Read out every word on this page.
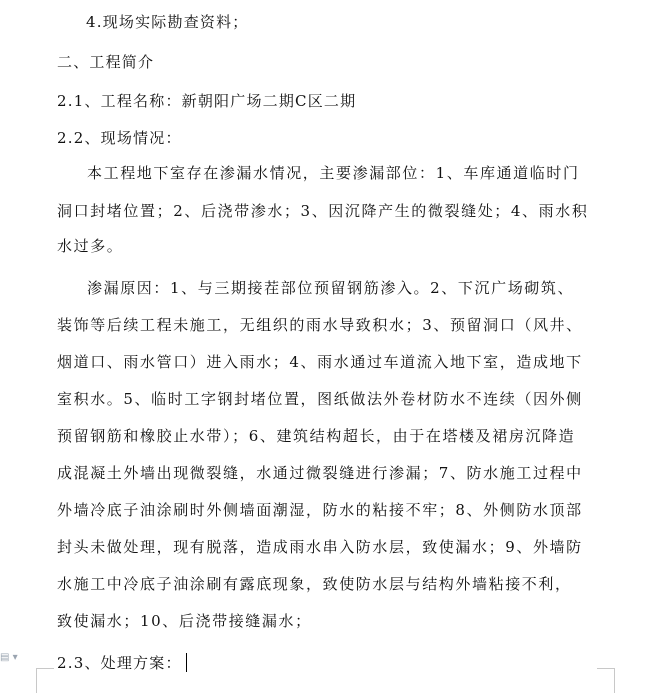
4.现场实际勘查资料；
二、工程简介
2.1、工程名称：新朝阳广场二期C区二期
2.2、现场情况：
本工程地下室存在渗漏水情况，主要渗漏部位：1、车库通道临时门
洞口封堵位置；2、后浇带渗水；3、因沉降产生的微裂缝处；4、雨水积
水过多。
渗漏原因：1、与三期接茬部位预留钢筋渗入。2、下沉广场砌筑、
装饰等后续工程未施工，无组织的雨水导致积水；3、预留洞口（风井、
烟道口、雨水管口）进入雨水；4、雨水通过车道流入地下室，造成地下
室积水。5、临时工字钢封堵位置，图纸做法外卷材防水不连续（因外侧
预留钢筋和橡胶止水带）；6、建筑结构超长，由于在塔楼及裙房沉降造
成混凝土外墙出现微裂缝，水通过微裂缝进行渗漏；7、防水施工过程中
外墙冷底子油涂刷时外侧墙面潮湿，防水的粘接不牢；8、外侧防水顶部
封头未做处理，现有脱落，造成雨水串入防水层，致使漏水；9、外墙防
水施工中冷底子油涂刷有露底现象，致使防水层与结构外墙粘接不利，
致使漏水；10、后浇带接缝漏水；
2.3、处理方案：
▤ ▾
